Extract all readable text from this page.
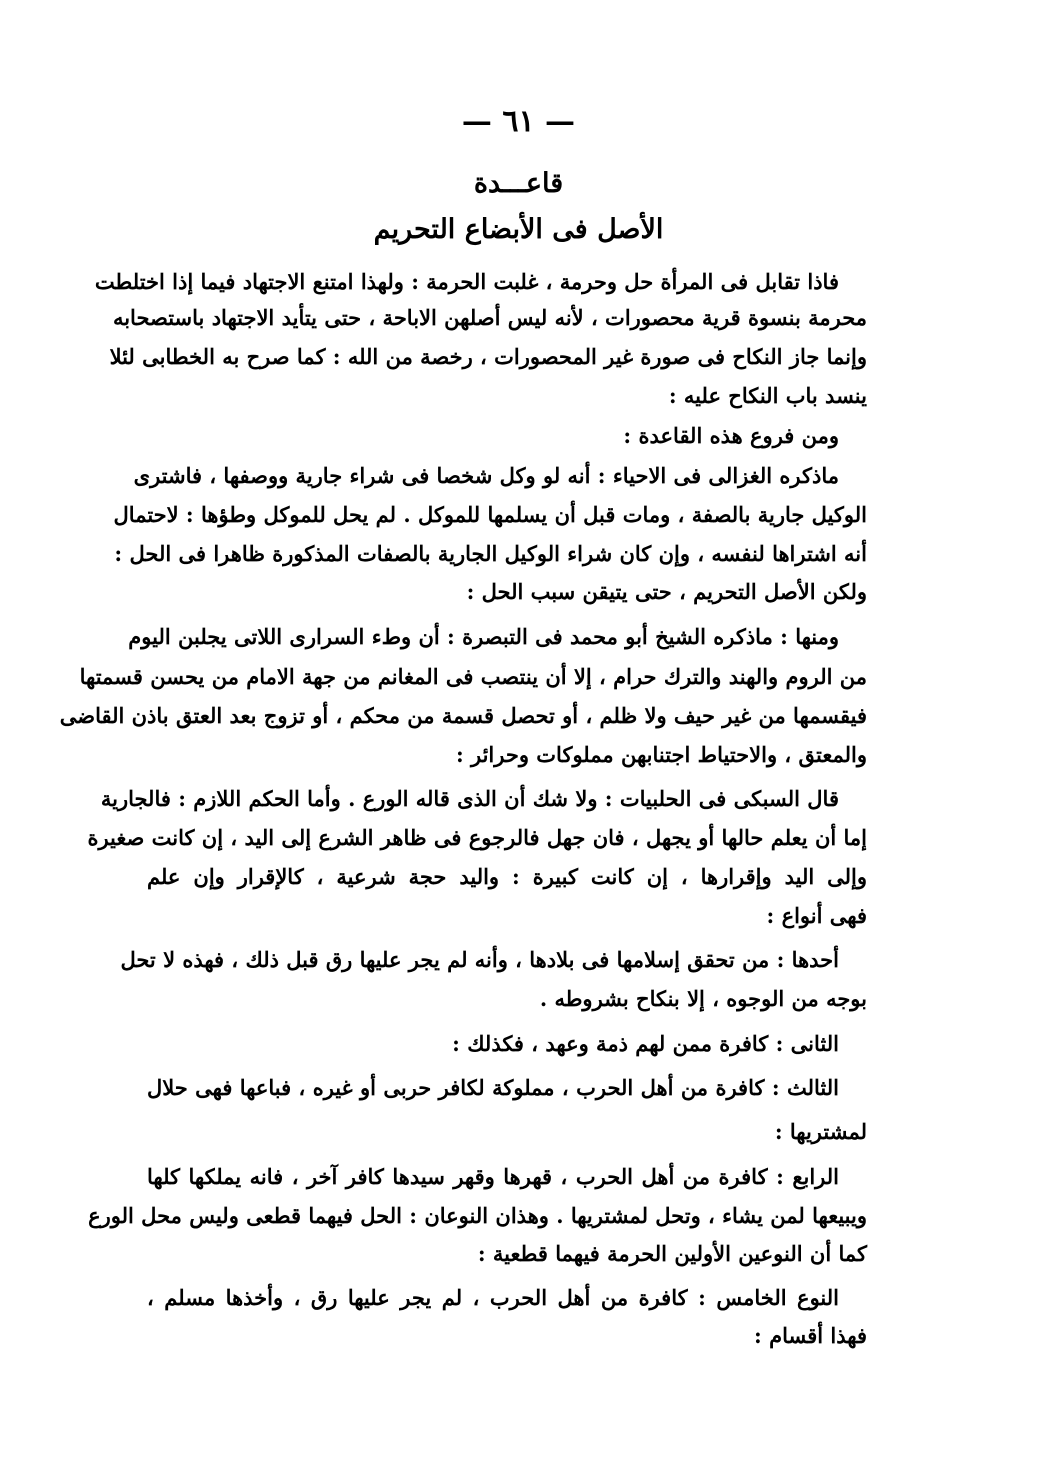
— ٦١ —
قاعـــدة
الأصل فى الأبضاع التحريم
فاذا تقابل فى المرأة حل وحرمة ، غلبت الحرمة : ولهذا امتنع الاجتهاد فيما إذا اختلطت
محرمة بنسوة قرية محصورات ، لأنه ليس أصلهن الاباحة ، حتى يتأيد الاجتهاد باستصحابه
وإنما جاز النكاح فى صورة غير المحصورات ، رخصة من الله : كما صرح به الخطابى لئلا
ينسد باب النكاح عليه :
ومن فروع هذه القاعدة :
ماذكره الغزالى فى الاحياء : أنه لو وكل شخصا فى شراء جارية ووصفها ، فاشترى
الوكيل جارية بالصفة ، ومات قبل أن يسلمها للموكل . لم يحل للموكل وطؤها : لاحتمال
أنه اشتراها لنفسه ، وإن كان شراء الوكيل الجارية بالصفات المذكورة ظاهرا فى الحل :
ولكن الأصل التحريم ، حتى يتيقن سبب الحل :
ومنها : ماذكره الشيخ أبو محمد فى التبصرة : أن وطء السرارى اللاتى يجلبن اليوم
من الروم والهند والترك حرام ، إلا أن ينتصب فى المغانم من جهة الامام من يحسن قسمتها
فيقسمها من غير حيف ولا ظلم ، أو تحصل قسمة من محكم ، أو تزوج بعد العتق باذن القاضى
والمعتق ، والاحتياط اجتنابهن مملوكات وحرائر :
قال السبكى فى الحلبيات : ولا شك أن الذى قاله الورع . وأما الحكم اللازم : فالجارية
إما أن يعلم حالها أو يجهل ، فان جهل فالرجوع فى ظاهر الشرع إلى اليد ، إن كانت صغيرة
وإلى اليد وإقرارها ، إن كانت كبيرة : واليد حجة شرعية ، كالإقرار وإن علم
فهى أنواع :
أحدها : من تحقق إسلامها فى بلادها ، وأنه لم يجر عليها رق قبل ذلك ، فهذه لا تحل
بوجه من الوجوه ، إلا بنكاح بشروطه .
الثانى : كافرة ممن لهم ذمة وعهد ، فكذلك :
الثالث : كافرة من أهل الحرب ، مملوكة لكافر حربى أو غيره ، فباعها فهى حلال
لمشتريها :
الرابع : كافرة من أهل الحرب ، قهرها وقهر سيدها كافر آخر ، فانه يملكها كلها
ويبيعها لمن يشاء ، وتحل لمشتريها . وهذان النوعان : الحل فيهما قطعى وليس محل الورع
كما أن النوعين الأولين الحرمة فيهما قطعية :
النوع الخامس : كافرة من أهل الحرب ، لم يجر عليها رق ، وأخذها مسلم ،
فهذا أقسام :
